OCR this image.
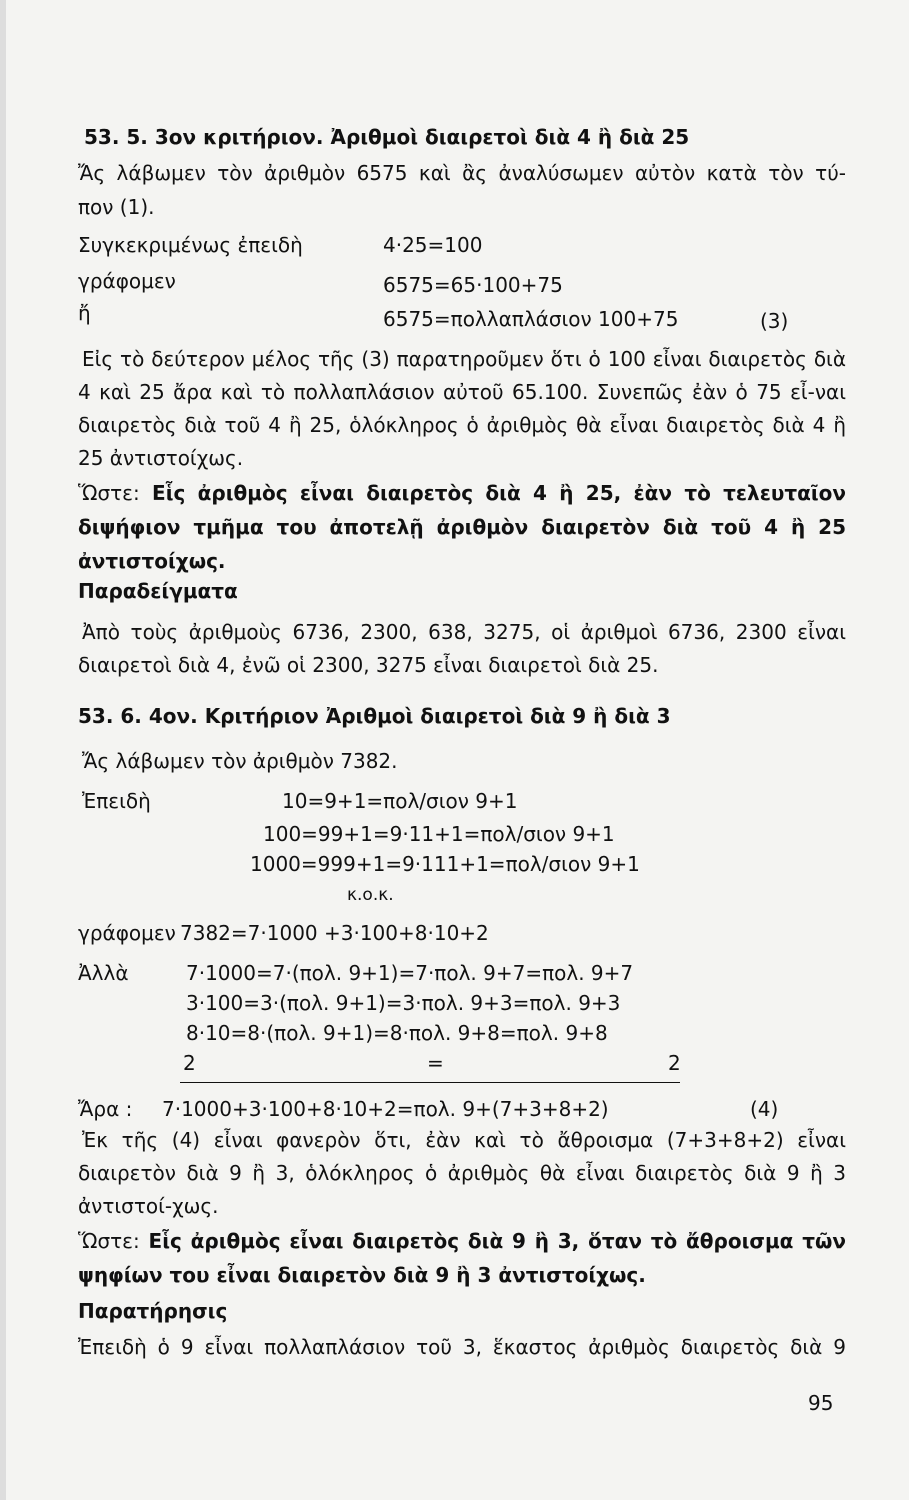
53. 5. 3ον κριτήριον. Ἀριθμοὶ διαιρετοὶ διὰ 4 ἢ διὰ 25
Ἄς λάβωμεν τὸν ἀριθμὸν 6575 καὶ ἂς ἀναλύσωμεν αὐτὸν κατὰ τὸν τύ-
πον (1).
Συγκεκριμένως ἐπειδὴ	4·25=100
γράφομεν	6575=65·100+75
ἤ	6575=πολλαπλάσιον 100+75	(3)
Εἰς τὸ δεύτερον μέλος τῆς (3) παρατηροῦμεν ὅτι ὁ 100 εἶναι διαιρετὸς διὰ 4 καὶ 25 ἄρα καὶ τὸ πολλαπλάσιον αὐτοῦ 65.100. Συνεπῶς ἐὰν ὁ 75 εἶ-ναι διαιρετὸς διὰ τοῦ 4 ἢ 25, ὁλόκληρος ὁ ἀριθμὸς θὰ εἶναι διαιρετὸς διὰ 4 ἢ 25 ἀντιστοίχως.
Ὥστε: Εἷς ἀριθμὸς εἶναι διαιρετὸς διὰ 4 ἢ 25, ἐὰν τὸ τελευταῖον διψήφιον τμῆμα του ἀποτελῇ ἀριθμὸν διαιρετὸν διὰ τοῦ 4 ἢ 25 ἀντιστοίχως.
Παραδείγματα
Ἀπὸ τοὺς ἀριθμοὺς 6736, 2300, 638, 3275, οἱ ἀριθμοὶ 6736, 2300 εἶναι διαιρετοὶ διὰ 4, ἐνῶ οἱ 2300, 3275 εἶναι διαιρετοὶ διὰ 25.
53. 6. 4ον. Κριτήριον Ἀριθμοὶ διαιρετοὶ διὰ 9 ἢ διὰ 3
Ἄς λάβωμεν τὸν ἀριθμὸν 7382.
Ἐπειδὴ	10=9+1=πολ/σιον 9+1
100=99+1=9·11+1=πολ/σιον 9+1
1000=999+1=9·111+1=πολ/σιον 9+1
κ.ο.κ.
γράφομεν 7382=7·1000 +3·100+8·10+2
Ἀλλὰ	7·1000=7·(πολ. 9+1)=7·πολ. 9+7=πολ. 9+7
3·100=3·(πολ. 9+1)=3·πολ. 9+3=πολ. 9+3
8·10=8·(πολ. 9+1)=8·πολ. 9+8=πολ. 9+8
2	=	2
Ἄρα : 7·1000+3·100+8·10+2=πολ. 9+(7+3+8+2)	(4)
Ἐκ τῆς (4) εἶναι φανερὸν ὅτι, ἐὰν καὶ τὸ ἄθροισμα (7+3+8+2) εἶναι διαιρετὸν διὰ 9 ἢ 3, ὁλόκληρος ὁ ἀριθμὸς θὰ εἶναι διαιρετὸς διὰ 9 ἢ 3 ἀντιστοί-χως.
Ὥστε: Εἷς ἀριθμὸς εἶναι διαιρετὸς διὰ 9 ἢ 3, ὅταν τὸ ἄθροισμα τῶν ψηφίων του εἶναι διαιρετὸν διὰ 9 ἢ 3 ἀντιστοίχως.
Παρατήρησις
Ἐπειδὴ ὁ 9 εἶναι πολλαπλάσιον τοῦ 3, ἕκαστος ἀριθμὸς διαιρετὸς διὰ 9
95
